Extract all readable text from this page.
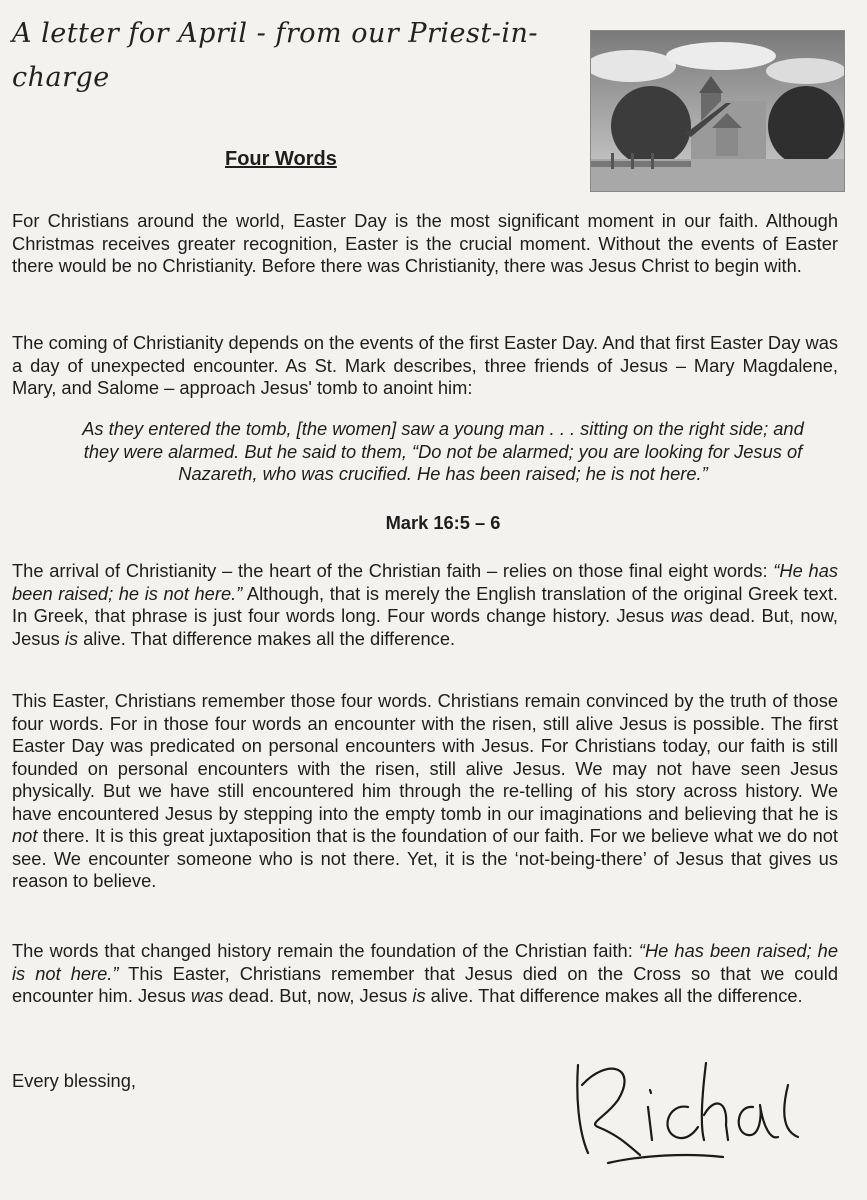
A letter for April - from our Priest-in-charge
Four Words
For Christians around the world, Easter Day is the most significant moment in our faith. Although Christmas receives greater recognition, Easter is the crucial moment. Without the events of Easter there would be no Christianity. Before there was Christianity, there was Jesus Christ to begin with.
The coming of Christianity depends on the events of the first Easter Day. And that first Easter Day was a day of unexpected encounter. As St. Mark describes, three friends of Jesus – Mary Magdalene, Mary, and Salome – approach Jesus' tomb to anoint him:
As they entered the tomb, [the women] saw a young man . . . sitting on the right side; and they were alarmed. But he said to them, “Do not be alarmed; you are looking for Jesus of Nazareth, who was crucified. He has been raised; he is not here.”
Mark 16:5 – 6
The arrival of Christianity – the heart of the Christian faith – relies on those final eight words: “He has been raised; he is not here.” Although, that is merely the English translation of the original Greek text. In Greek, that phrase is just four words long. Four words change history. Jesus was dead. But, now, Jesus is alive. That difference makes all the difference.
This Easter, Christians remember those four words. Christians remain convinced by the truth of those four words. For in those four words an encounter with the risen, still alive Jesus is possible. The first Easter Day was predicated on personal encounters with Jesus. For Christians today, our faith is still founded on personal encounters with the risen, still alive Jesus. We may not have seen Jesus physically. But we have still encountered him through the re-telling of his story across history. We have encountered Jesus by stepping into the empty tomb in our imaginations and believing that he is not there. It is this great juxtaposition that is the foundation of our faith. For we believe what we do not see. We encounter someone who is not there. Yet, it is the ‘not-being-there’ of Jesus that gives us reason to believe.
The words that changed history remain the foundation of the Christian faith: “He has been raised; he is not here.” This Easter, Christians remember that Jesus died on the Cross so that we could encounter him. Jesus was dead. But, now, Jesus is alive. That difference makes all the difference.
Every blessing,
